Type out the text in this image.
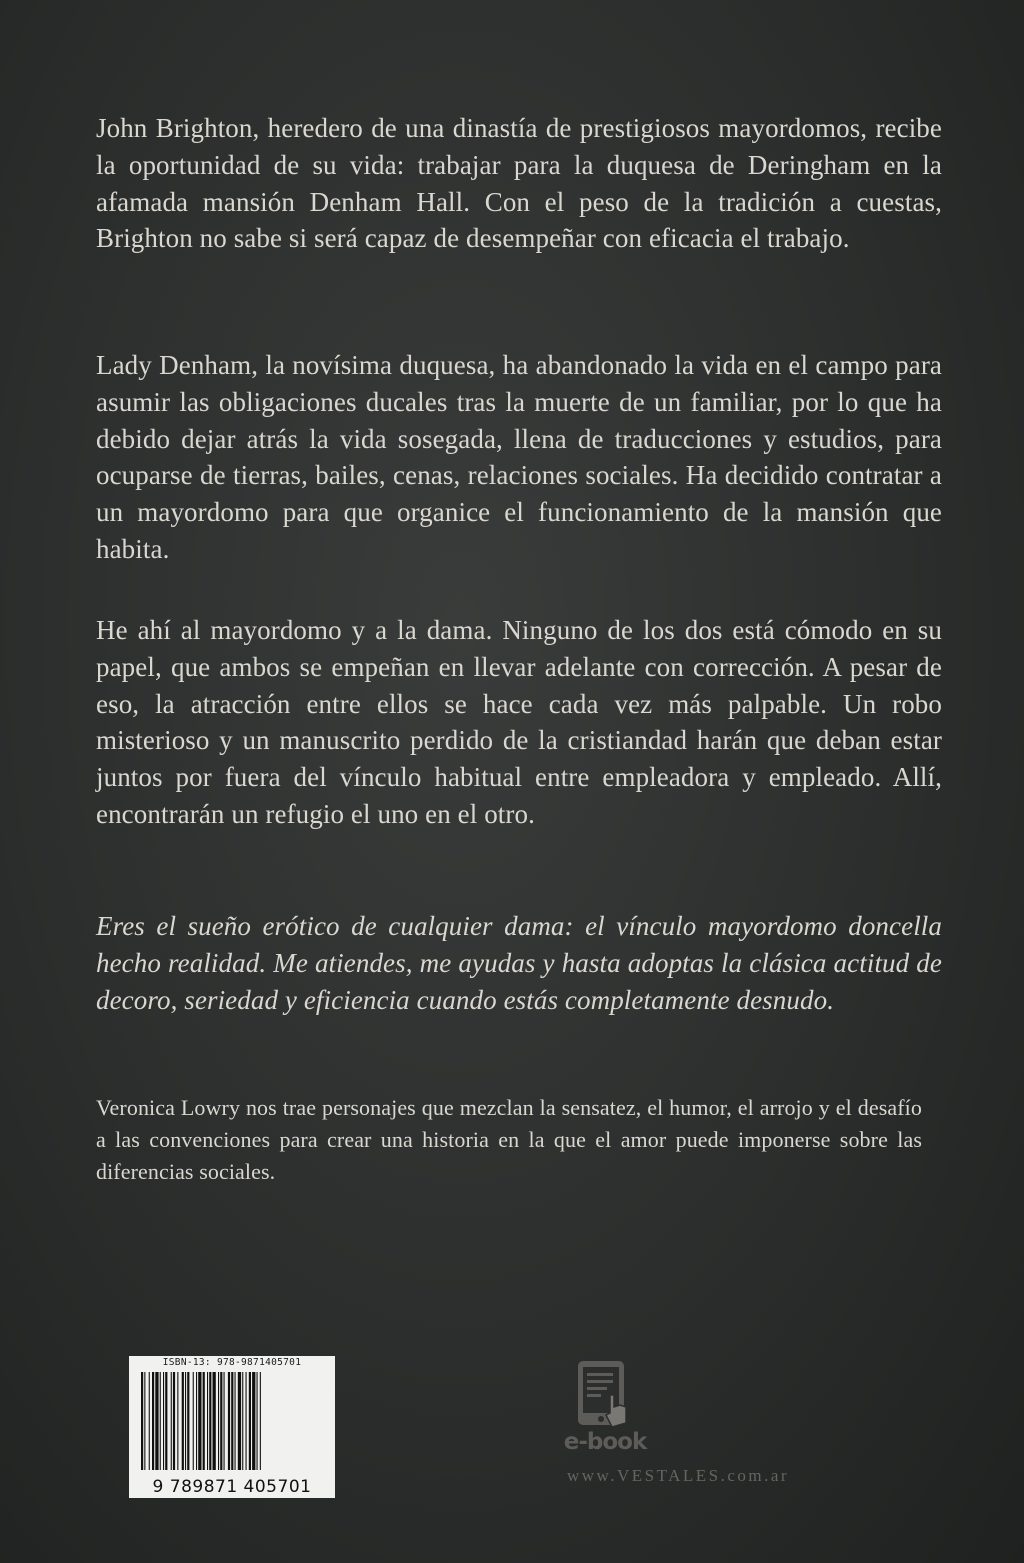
John Brighton, heredero de una dinastía de prestigiosos mayordomos, recibe la oportunidad de su vida: trabajar para la duquesa de Deringham en la afamada mansión Denham Hall. Con el peso de la tradición a cuestas, Brighton no sabe si será capaz de desempeñar con eficacia el trabajo.

Lady Denham, la novísima duquesa, ha abandonado la vida en el campo para asumir las obligaciones ducales tras la muerte de un familiar, por lo que ha debido dejar atrás la vida sosegada, llena de traducciones y estudios, para ocuparse de tierras, bailes, cenas, relaciones sociales. Ha decidido contratar a un mayordomo para que organice el funcionamiento de la mansión que habita.

He ahí al mayordomo y a la dama. Ninguno de los dos está cómodo en su papel, que ambos se empeñan en llevar adelante con corrección. A pesar de eso, la atracción entre ellos se hace cada vez más palpable. Un robo misterioso y un manuscrito perdido de la cristiandad harán que deban estar juntos por fuera del vínculo habitual entre empleadora y empleado. Allí, encontrarán un refugio el uno en el otro.

Eres el sueño erótico de cualquier dama: el vínculo mayordomo doncella hecho realidad. Me atiendes, me ayudas y hasta adoptas la clásica actitud de decoro, seriedad y eficiencia cuando estás completamente desnudo.

Veronica Lowry nos trae personajes que mezclan la sensatez, el humor, el arrojo y el desafío a las convenciones para crear una historia en la que el amor puede imponerse sobre las diferencias sociales.

ISBN-13: 978-9871405701
9 789871 405701
e-book
www.VESTALES.com.ar
